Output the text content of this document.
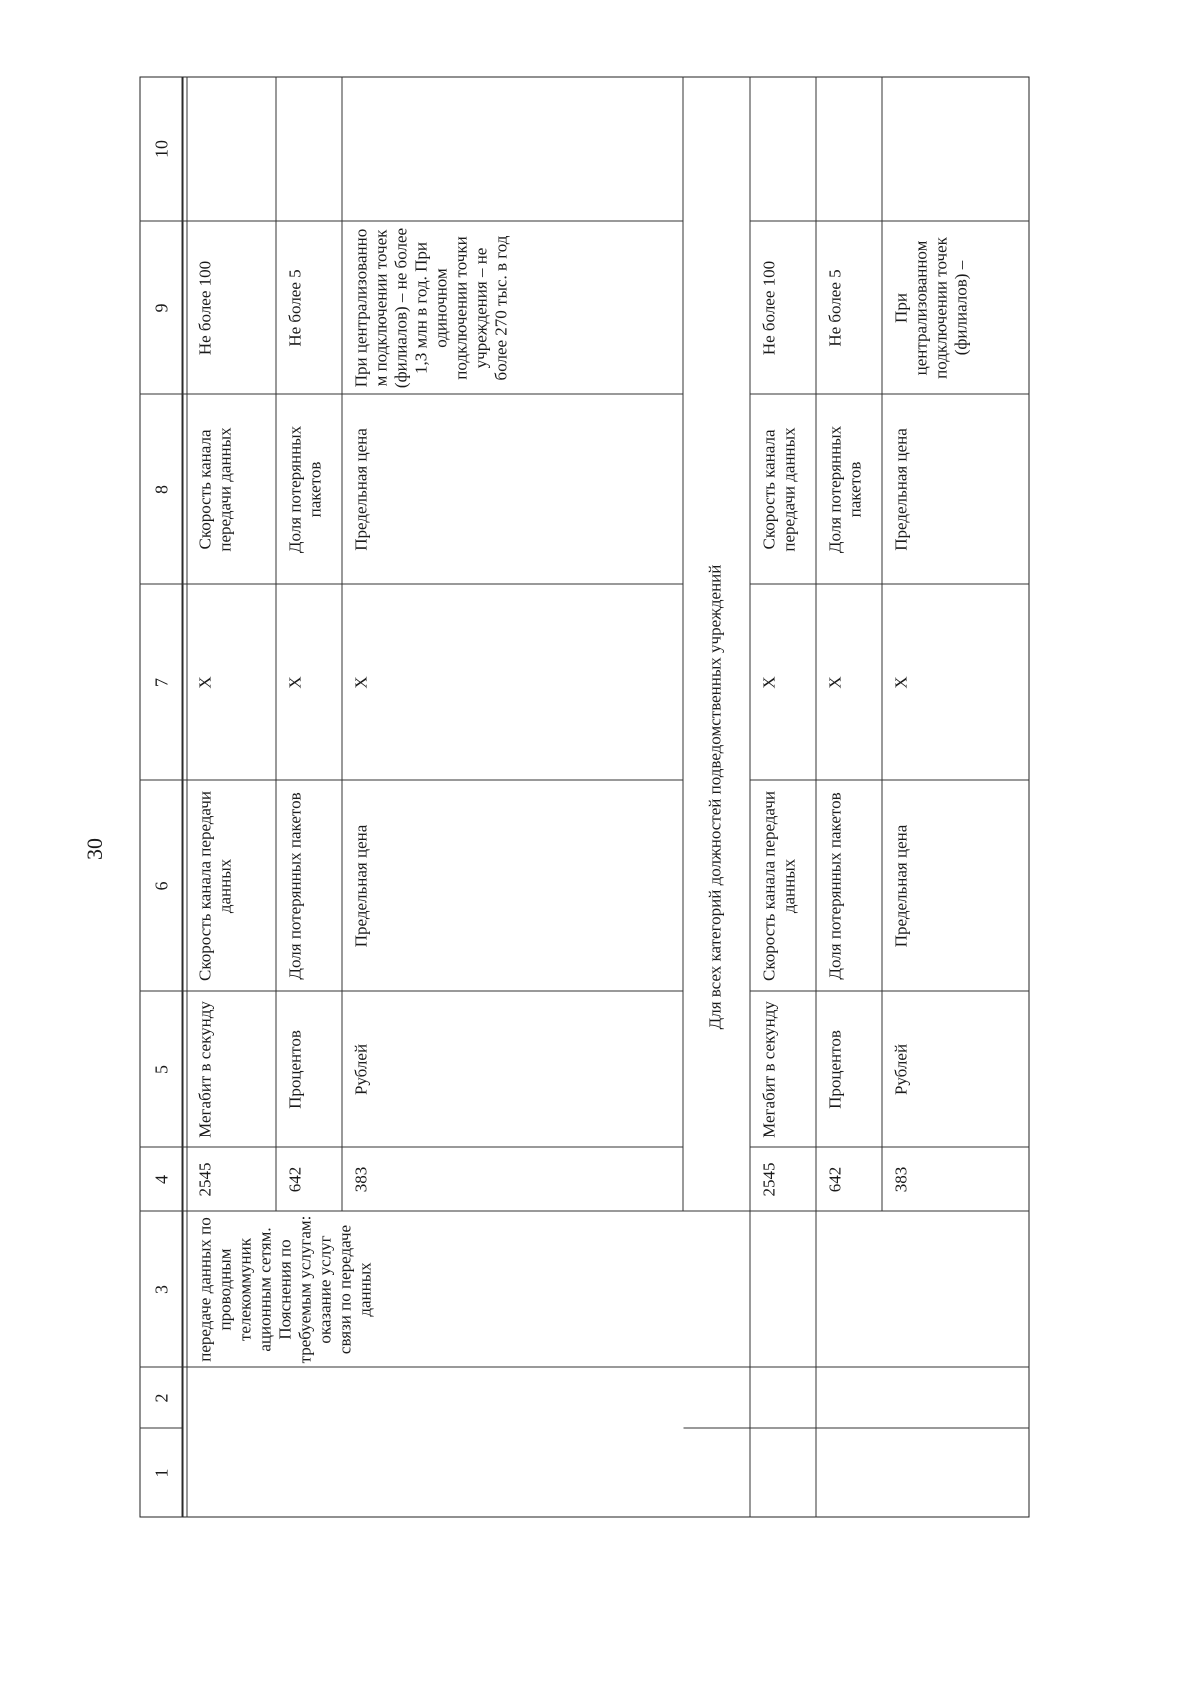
30
1
2
3
4
5
6
7
8
9
10
передаче данных по проводным телекоммуник ационным сетям. Пояснения по требуемым услугам: оказание услуг связи по передаче данных
2545
Мегабит в секунду
Скорость канала передачи данных
X
Скорость канала передачи данных
Не более 100
642
Процентов
Доля потерянных пакетов
X
Доля потерянных пакетов
Не более 5
383
Рублей
Предельная цена
X
Предельная цена
При централизованно м подключении точек (филиалов) – не более 1,3 млн в год. При одиночном подключении точки учреждения – не более 270 тыс. в год
Для всех категорий должностей подведомственных учреждений
2545
Мегабит в секунду
Скорость канала передачи данных
X
Скорость канала передачи данных
Не более 100
642
Процентов
Доля потерянных пакетов
X
Доля потерянных пакетов
Не более 5
383
Рублей
Предельная цена
X
Предельная цена
При централизованном подключении точек (филиалов) –
